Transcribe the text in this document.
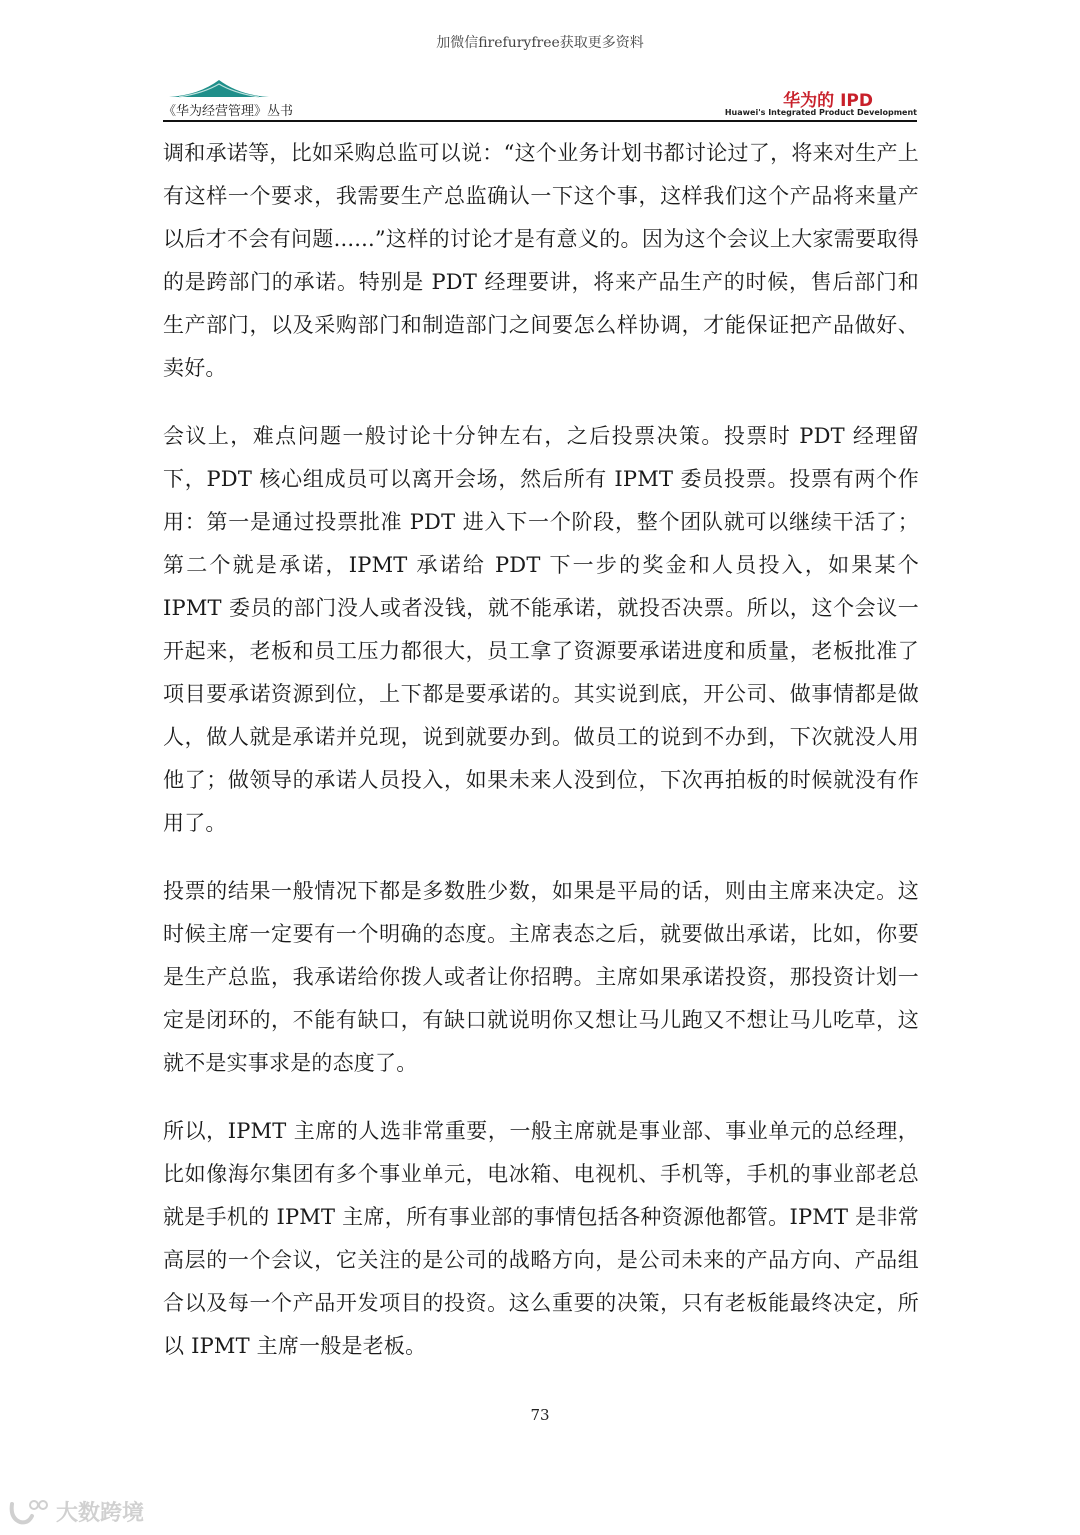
加微信firefuryfree获取更多资料
《华为经营管理》丛书
华为的 IPD
Huawei's Integrated Product Development

调和承诺等，比如采购总监可以说：“这个业务计划书都讨论过了，将来对生产上有这样一个要求，我需要生产总监确认一下这个事，这样我们这个产品将来量产以后才不会有问题......”这样的讨论才是有意义的。因为这个会议上大家需要取得的是跨部门的承诺。特别是 PDT 经理要讲，将来产品生产的时候，售后部门和生产部门，以及采购部门和制造部门之间要怎么样协调，才能保证把产品做好、卖好。

会议上，难点问题一般讨论十分钟左右，之后投票决策。投票时 PDT 经理留下，PDT 核心组成员可以离开会场，然后所有 IPMT 委员投票。投票有两个作用：第一是通过投票批准 PDT 进入下一个阶段，整个团队就可以继续干活了；第二个就是承诺，IPMT 承诺给 PDT 下一步的奖金和人员投入，如果某个 IPMT 委员的部门没人或者没钱，就不能承诺，就投否决票。所以，这个会议一开起来，老板和员工压力都很大，员工拿了资源要承诺进度和质量，老板批准了项目要承诺资源到位，上下都是要承诺的。其实说到底，开公司、做事情都是做人，做人就是承诺并兑现，说到就要办到。做员工的说到不办到，下次就没人用他了；做领导的承诺人员投入，如果未来人没到位，下次再拍板的时候就没有作用了。

投票的结果一般情况下都是多数胜少数，如果是平局的话，则由主席来决定。这时候主席一定要有一个明确的态度。主席表态之后，就要做出承诺，比如，你要是生产总监，我承诺给你拨人或者让你招聘。主席如果承诺投资，那投资计划一定是闭环的，不能有缺口，有缺口就说明你又想让马儿跑又不想让马儿吃草，这就不是实事求是的态度了。

所以，IPMT 主席的人选非常重要，一般主席就是事业部、事业单元的总经理，比如像海尔集团有多个事业单元，电冰箱、电视机、手机等，手机的事业部老总就是手机的 IPMT 主席，所有事业部的事情包括各种资源他都管。IPMT 是非常高层的一个会议，它关注的是公司的战略方向，是公司未来的产品方向、产品组合以及每一个产品开发项目的投资。这么重要的决策，只有老板能最终决定，所以 IPMT 主席一般是老板。

73
大数跨境
